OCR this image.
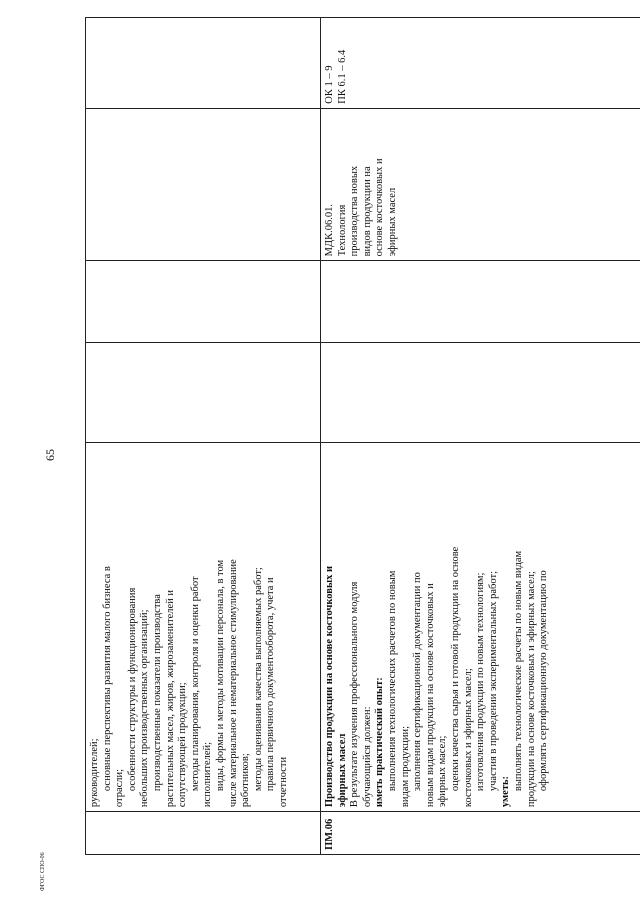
65
ФГОС СПО-06
ПМ.06
руководителей; основные перспективы развития малого бизнеса в отрасли; особенности структуры и функционирования небольших производственных организаций; производственные показатели производства растительных масел, жиров, жирозаменителей и сопутствующей продукции; методы планирования, контроля и оценки работ исполнителей; виды, формы и методы мотивации персонала, в том числе материальное и нематериальное стимулирование работников; методы оценивания качества выполняемых работ; правила первичного документооборота, учета и отчетности	Производство продукции на основе косточковых и эфирных масел В результате изучения профессионального модуля обучающийся должен: иметь практический опыт: выполнения технологических расчетов по новым видам продукции; заполнения сертификационной документации по новым видам продукции на основе косточковых и эфирных масел; оценки качества сырья и готовой продукции на основе косточковых и эфирных масел; изготовления продукции по новым технологиям; участия в проведении экспериментальных работ;
уметь:
выполнять технологические расчеты по новым видам продукции на основе косточковых и эфирных масел; оформлять сертификационную документацию по
МДК.06.01. Технология производства новых видов продукции на основе косточковых и эфирных масел
ОК 1 – 9 ПК 6.1 – 6.4
